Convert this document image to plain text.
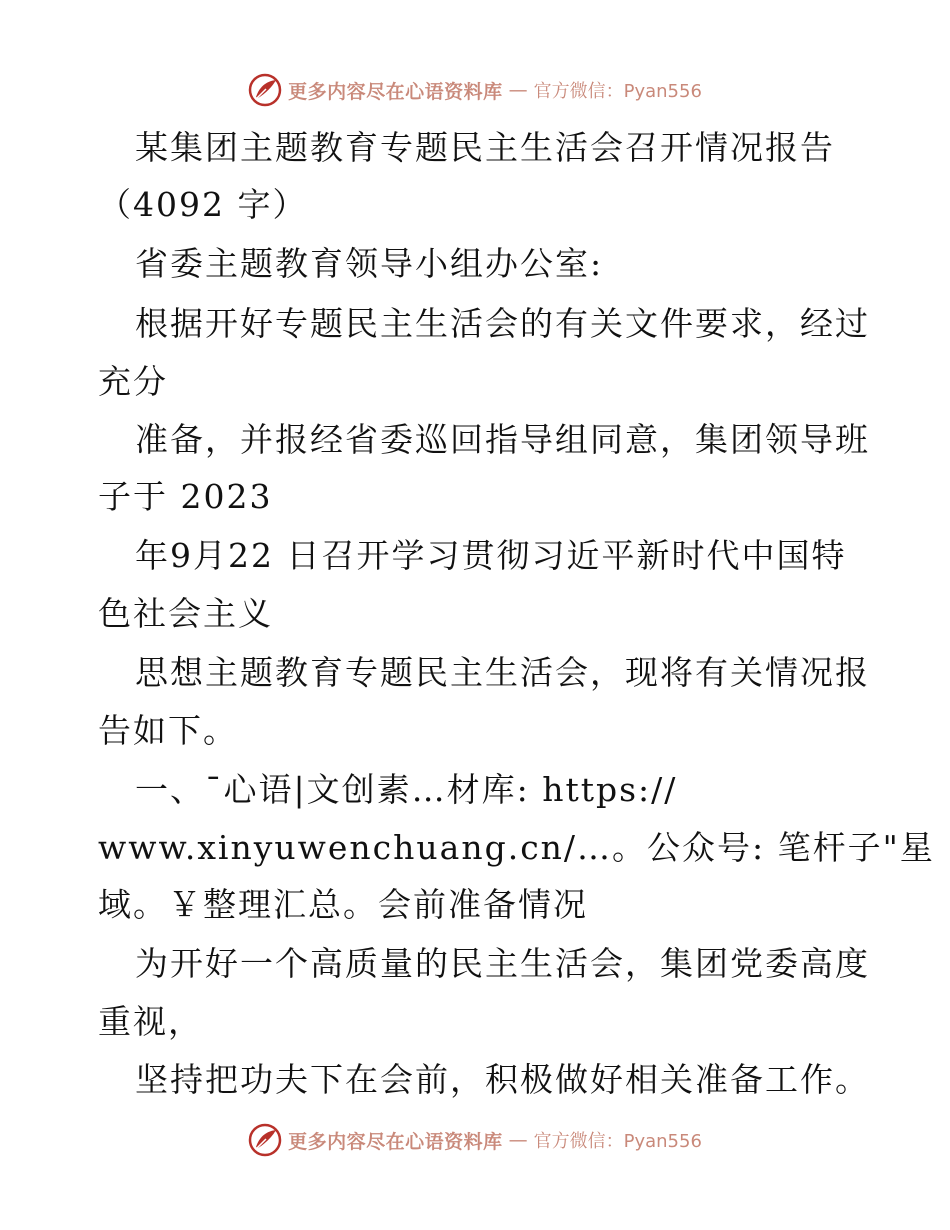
更多内容尽在心语资料库 — 官方微信：Pyan556
某集团主题教育专题民主生活会召开情况报告
（4092 字）
省委主题教育领导小组办公室:
根据开好专题民主生活会的有关文件要求，经过
充分
准备，并报经省委巡回指导组同意，集团领导班
子于 2023
年9月22 日召开学习贯彻习近平新时代中国特
色社会主义
思想主题教育专题民主生活会，现将有关情况报
告如下。
一、¯心语|文创素…材库: https://
www.xinyuwenchuang.cn/…。公众号: 笔杆子"星
域。￥整理汇总。会前准备情况
为开好一个高质量的民主生活会，集团党委高度
重视，
坚持把功夫下在会前，积极做好相关准备工作。
更多内容尽在心语资料库 — 官方微信：Pyan556
